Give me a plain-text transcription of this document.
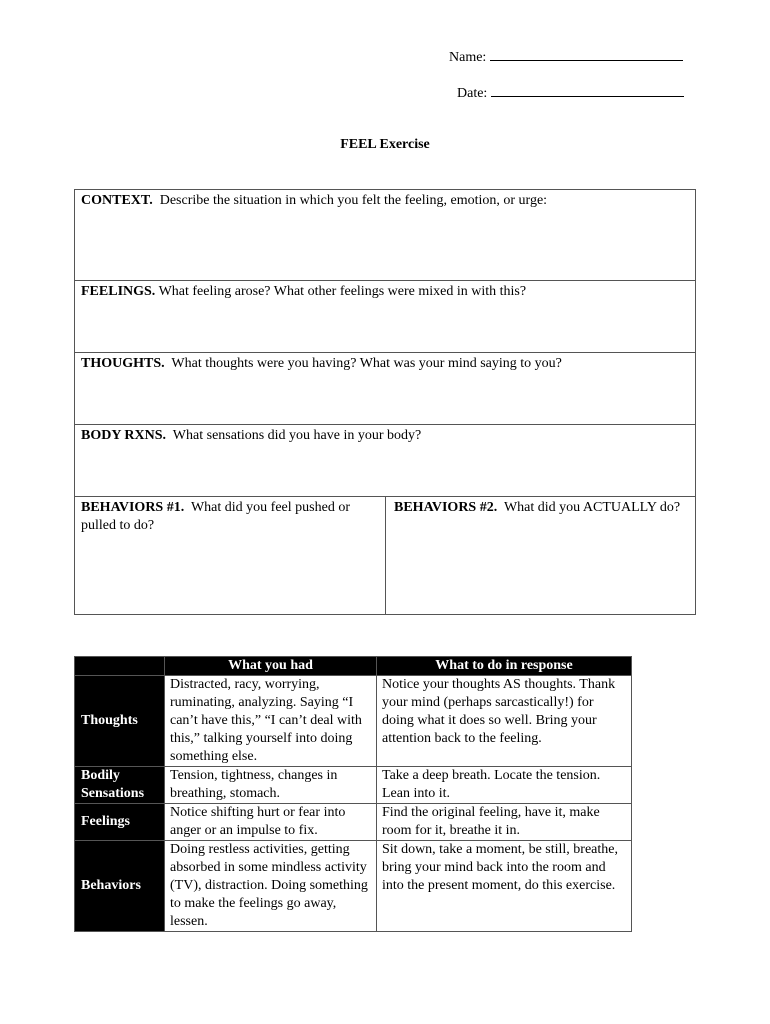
Name:
Date:
FEEL Exercise
CONTEXT. Describe the situation in which you felt the feeling, emotion, or urge:
FEELINGS. What feeling arose? What other feelings were mixed in with this?
THOUGHTS. What thoughts were you having? What was your mind saying to you?
BODY RXNS. What sensations did you have in your body?
BEHAVIORS #1. What did you feel pushed or pulled to do?
BEHAVIORS #2. What did you ACTUALLY do?
	What you had	What to do in response
Thoughts	Distracted, racy, worrying, ruminating, analyzing. Saying “I can’t have this,” “I can’t deal with this,” talking yourself into doing something else.	Notice your thoughts AS thoughts. Thank your mind (perhaps sarcastically!) for doing what it does so well. Bring your attention back to the feeling.
Bodily Sensations	Tension, tightness, changes in breathing, stomach.	Take a deep breath. Locate the tension. Lean into it.
Feelings	Notice shifting hurt or fear into anger or an impulse to fix.	Find the original feeling, have it, make room for it, breathe it in.
Behaviors	Doing restless activities, getting absorbed in some mindless activity (TV), distraction. Doing something to make the feelings go away, lessen.	Sit down, take a moment, be still, breathe, bring your mind back into the room and into the present moment, do this exercise.
